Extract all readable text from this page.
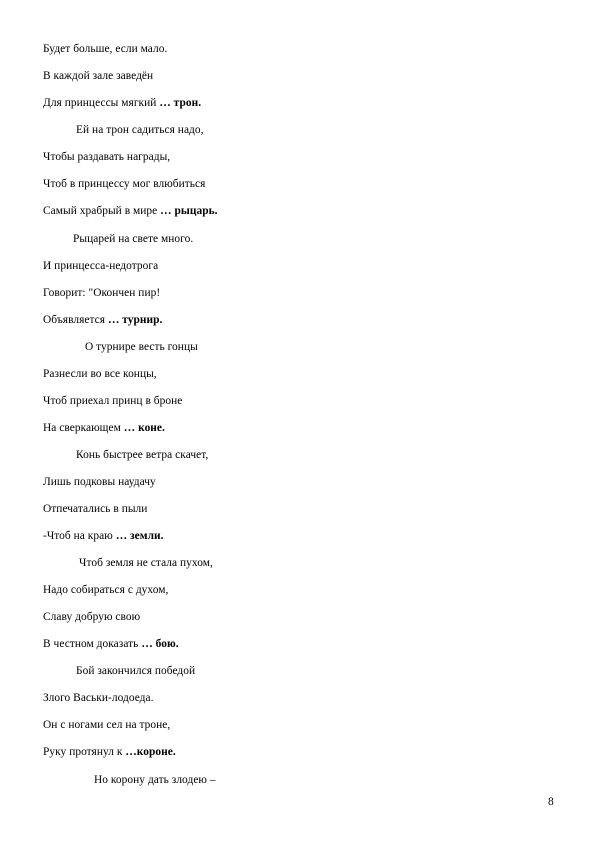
Будет больше, если мало.
В каждой зале заведён
Для принцессы мягкий … трон.
Ей на трон садиться надо,
Чтобы раздавать награды,
Чтоб в принцессу мог влюбиться
Самый храбрый в мире … рыцарь.
Рыцарей на свете много.
И принцесса-недотрога
Говорит: "Окончен пир!
Объявляется … турнир.
О турнире весть гонцы
Разнесли во все концы,
Чтоб приехал принц в броне
На сверкающем … коне.
Конь быстрее ветра скачет,
Лишь подковы наудачу
Отпечатались в пыли
-Чтоб на краю … земли.
Чтоб земля не стала пухом,
Надо собираться с духом,
Славу добрую свою
В честном доказать … бою.
Бой закончился победой
Злого Васьки-лодоеда.
Он с ногами сел на троне,
Руку протянул к …короне.
Но корону дать злодею –
8
